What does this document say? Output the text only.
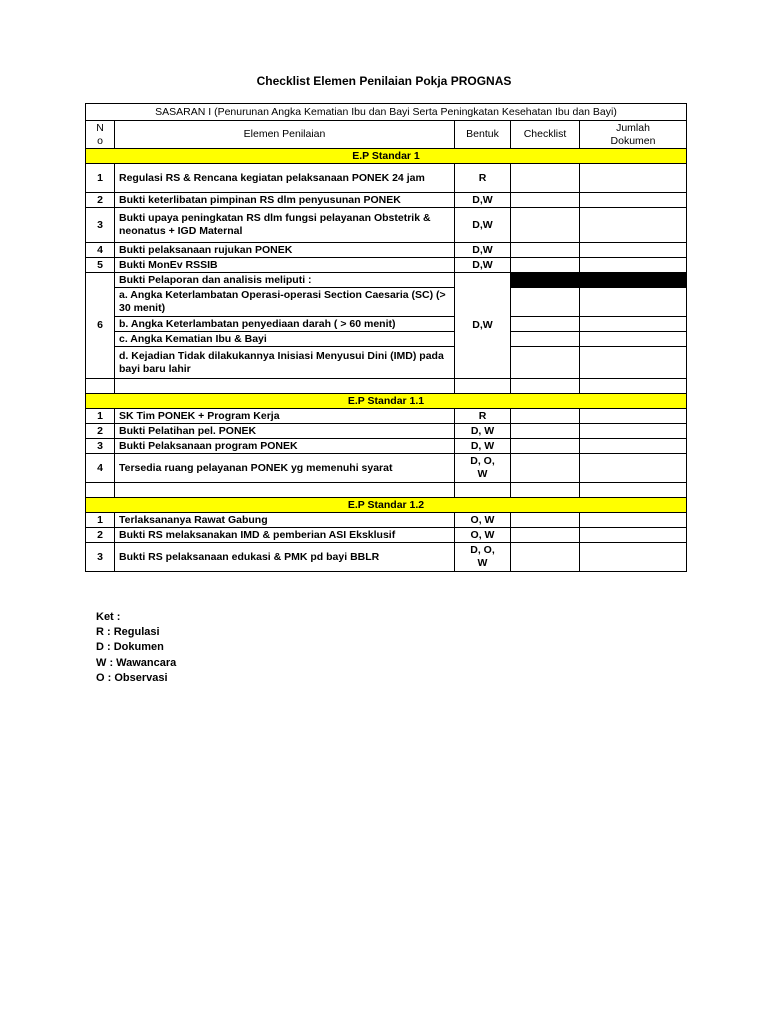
Checklist Elemen Penilaian Pokja PROGNAS
SASARAN I (Penurunan Angka Kematian Ibu dan Bayi Serta Peningkatan Kesehatan Ibu dan Bayi)				
N o	Elemen Penilaian	Bentuk	Checklist	Jumlah Dokumen
E.P Standar 1				
1	Regulasi RS & Rencana kegiatan pelaksanaan PONEK 24 jam	R		
2	Bukti keterlibatan pimpinan RS dlm penyusunan PONEK	D,W		
3	Bukti upaya peningkatan RS dlm fungsi pelayanan Obstetrik & neonatus + IGD Maternal	D,W		
4	Bukti pelaksanaan rujukan PONEK	D,W		
5	Bukti MonEv RSSIB	D,W		
6	Bukti Pelaporan dan analisis meliputi :	D,W		
	a. Angka Keterlambatan Operasi-operasi Section Caesaria (SC) (> 30 menit)			
	b. Angka Keterlambatan penyediaan darah ( > 60 menit)			
	c. Angka Kematian Ibu & Bayi			
	d. Kejadian Tidak dilakukannya Inisiasi Menyusui Dini (IMD) pada bayi baru lahir			

E.P Standar 1.1				
1	SK Tim PONEK + Program Kerja	R		
2	Bukti Pelatihan pel. PONEK	D, W		
3	Bukti Pelaksanaan program PONEK	D, W		
4	Tersedia ruang pelayanan PONEK yg memenuhi syarat	D, O, W		

E.P Standar 1.2				
1	Terlaksananya Rawat Gabung	O, W		
2	Bukti RS melaksanakan IMD & pemberian ASI Eksklusif	O, W		
3	Bukti RS pelaksanaan edukasi & PMK pd bayi BBLR	D, O, W		
Ket :
R : Regulasi
D : Dokumen
W : Wawancara
O : Observasi
